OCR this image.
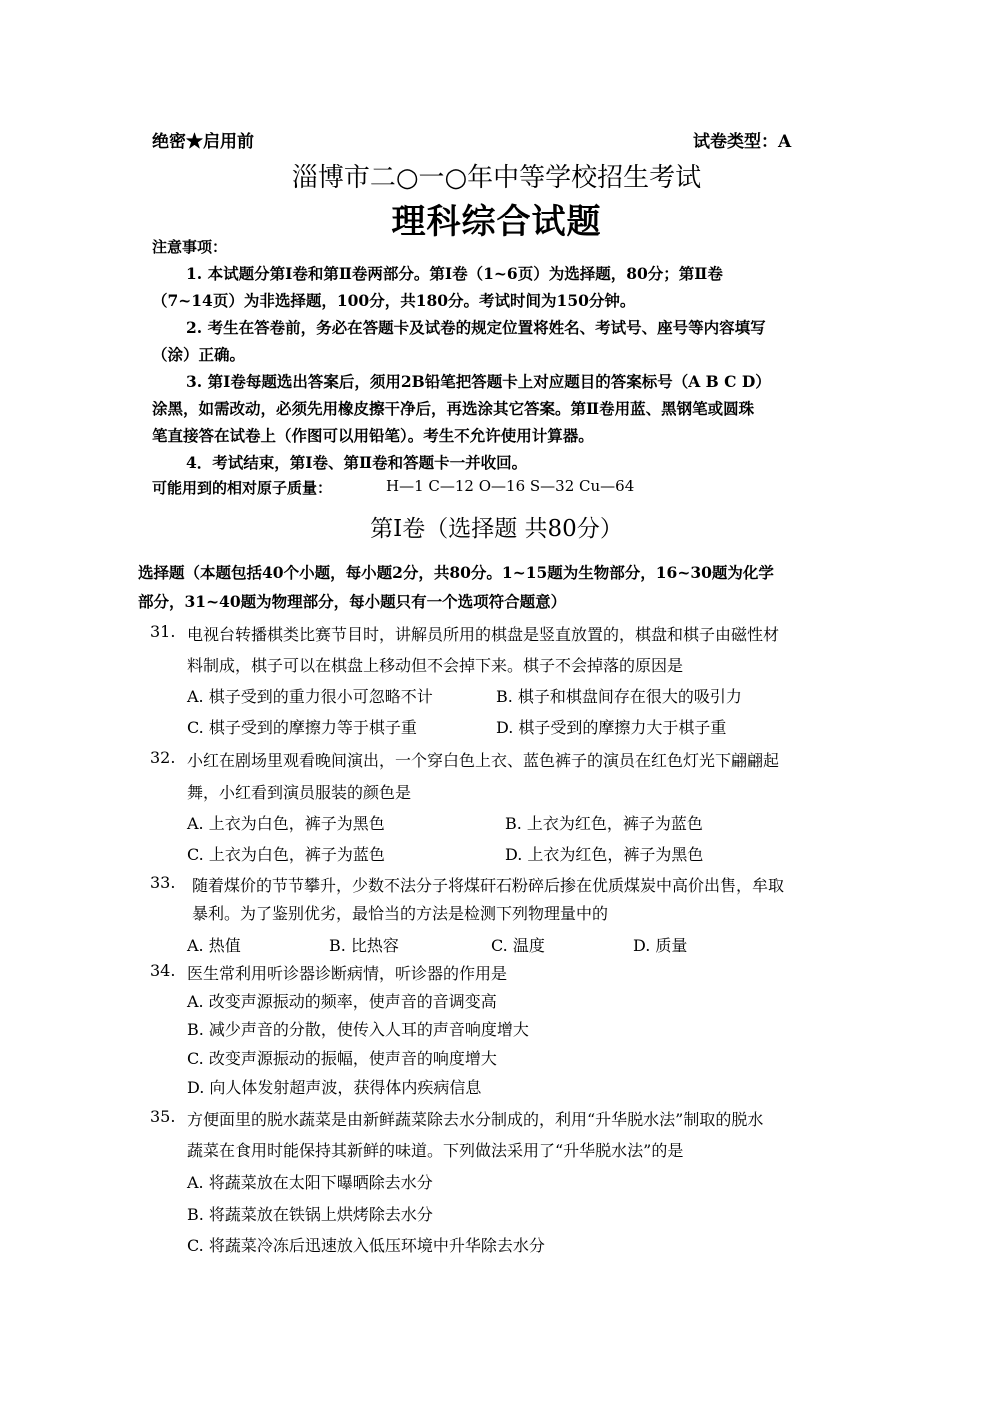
绝密★启用前	试卷类型：A
淄博市二○一○年中等学校招生考试
理科综合试题
注意事项：
1. 本试题分第Ⅰ卷和第Ⅱ卷两部分。第Ⅰ卷（1~6页）为选择题，80分；第Ⅱ卷
（7~14页）为非选择题，100分，共180分。考试时间为150分钟。
2. 考生在答卷前，务必在答题卡及试卷的规定位置将姓名、考试号、座号等内容填写
（涂）正确。
3. 第Ⅰ卷每题选出答案后，须用2B铅笔把答题卡上对应题目的答案标号（A B C D）
涂黑，如需改动，必须先用橡皮擦干净后，再选涂其它答案。第Ⅱ卷用蓝、黑钢笔或圆珠
笔直接答在试卷上（作图可以用铅笔）。考生不允许使用计算器。
4．考试结束，第Ⅰ卷、第Ⅱ卷和答题卡一并收回。
可能用到的相对原子质量：	H—1 C—12 O—16 S—32 Cu—64
第Ⅰ卷（选择题 共80分）
选择题（本题包括40个小题，每小题2分，共80分。1~15题为生物部分，16~30题为化学
部分，31~40题为物理部分，每小题只有一个选项符合题意）
31. 电视台转播棋类比赛节目时，讲解员所用的棋盘是竖直放置的，棋盘和棋子由磁性材
料制成，棋子可以在棋盘上移动但不会掉下来。棋子不会掉落的原因是
A. 棋子受到的重力很小可忽略不计	B. 棋子和棋盘间存在很大的吸引力
C. 棋子受到的摩擦力等于棋子重	D. 棋子受到的摩擦力大于棋子重
32. 小红在剧场里观看晚间演出，一个穿白色上衣、蓝色裤子的演员在红色灯光下翩翩起
舞，小红看到演员服装的颜色是
A. 上衣为白色，裤子为黑色	B. 上衣为红色，裤子为蓝色
C. 上衣为白色，裤子为蓝色	D. 上衣为红色，裤子为黑色
33. 随着煤价的节节攀升，少数不法分子将煤矸石粉碎后掺在优质煤炭中高价出售，牟取
暴利。为了鉴别优劣，最恰当的方法是检测下列物理量中的
A. 热值	B. 比热容	C. 温度	D. 质量
34. 医生常利用听诊器诊断病情，听诊器的作用是
A. 改变声源振动的频率，使声音的音调变高
B. 减少声音的分散，使传入人耳的声音响度增大
C. 改变声源振动的振幅，使声音的响度增大
D. 向人体发射超声波，获得体内疾病信息
35. 方便面里的脱水蔬菜是由新鲜蔬菜除去水分制成的，利用“升华脱水法”制取的脱水
蔬菜在食用时能保持其新鲜的味道。下列做法采用了“升华脱水法”的是
A. 将蔬菜放在太阳下曝晒除去水分
B. 将蔬菜放在铁锅上烘烤除去水分
C. 将蔬菜冷冻后迅速放入低压环境中升华除去水分
